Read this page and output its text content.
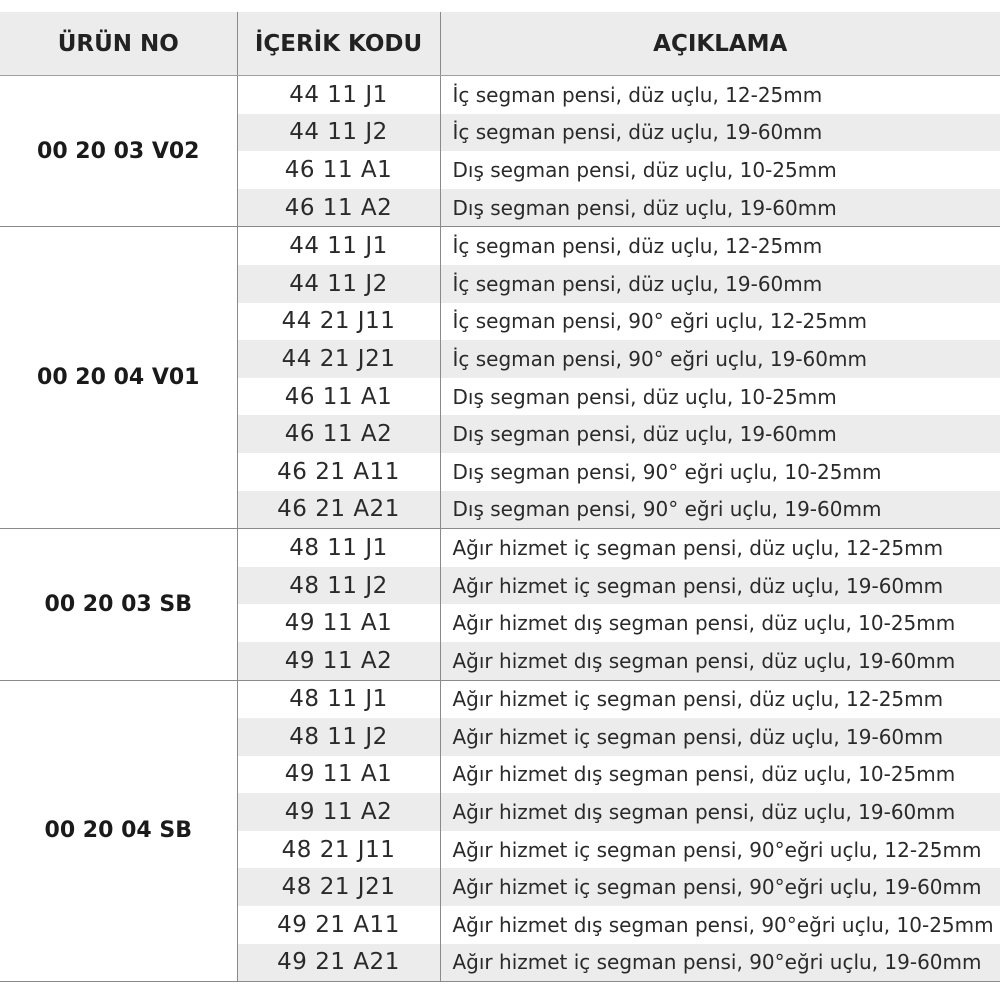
ÜRÜN NO	İÇERİK KODU	AÇIKLAMA
00 20 03 V02	44 11 J1	İç segman pensi, düz uçlu, 12-25mm
	44 11 J2	İç segman pensi, düz uçlu, 19-60mm
	46 11 A1	Dış segman pensi, düz uçlu, 10-25mm
	46 11 A2	Dış segman pensi, düz uçlu, 19-60mm
00 20 04 V01	44 11 J1	İç segman pensi, düz uçlu, 12-25mm
	44 11 J2	İç segman pensi, düz uçlu, 19-60mm
	44 21 J11	İç segman pensi, 90° eğri uçlu, 12-25mm
	44 21 J21	İç segman pensi, 90° eğri uçlu, 19-60mm
	46 11 A1	Dış segman pensi, düz uçlu, 10-25mm
	46 11 A2	Dış segman pensi, düz uçlu, 19-60mm
	46 21 A11	Dış segman pensi, 90° eğri uçlu, 10-25mm
	46 21 A21	Dış segman pensi, 90° eğri uçlu, 19-60mm
00 20 03 SB	48 11 J1	Ağır hizmet iç segman pensi, düz uçlu, 12-25mm
	48 11 J2	Ağır hizmet iç segman pensi, düz uçlu, 19-60mm
	49 11 A1	Ağır hizmet dış segman pensi, düz uçlu, 10-25mm
	49 11 A2	Ağır hizmet dış segman pensi, düz uçlu, 19-60mm
00 20 04 SB	48 11 J1	Ağır hizmet iç segman pensi, düz uçlu, 12-25mm
	48 11 J2	Ağır hizmet iç segman pensi, düz uçlu, 19-60mm
	49 11 A1	Ağır hizmet dış segman pensi, düz uçlu, 10-25mm
	49 11 A2	Ağır hizmet dış segman pensi, düz uçlu, 19-60mm
	48 21 J11	Ağır hizmet iç segman pensi, 90°eğri uçlu, 12-25mm
	48 21 J21	Ağır hizmet iç segman pensi, 90°eğri uçlu, 19-60mm
	49 21 A11	Ağır hizmet dış segman pensi, 90°eğri uçlu, 10-25mm
	49 21 A21	Ağır hizmet iç segman pensi, 90°eğri uçlu, 19-60mm
